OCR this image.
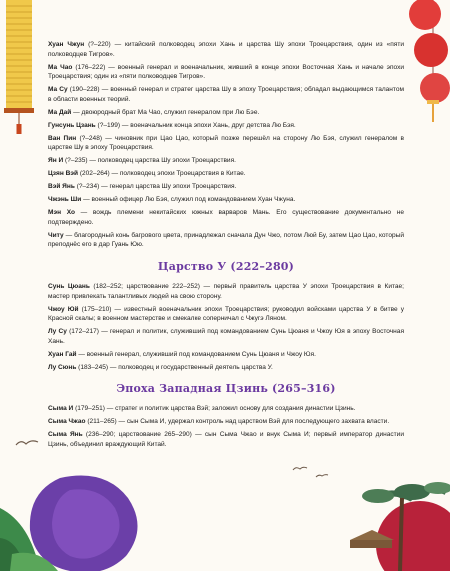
Хуан Чжун (?–220) — китайский полководец эпохи Хань и царства Шу эпохи Троецарствия, один из «пяти полководцев Тигров».

Ма Чао (176–222) — военный генерал и военачальник, живший в конце эпохи Восточная Хань и начале эпохи Троецарствия; один из «пяти полководцев Тигров».

Ма Су (190–228) — военный генерал и стратег царства Шу в эпоху Троецарствия; обладал выдающимся талантом в области военных теорий.

Ма Дай — двоюродный брат Ма Чао, служил генералом при Лю Бэе.

Гунсунь Цзань (?–199) — военачальник конца эпохи Хань, друг детства Лю Бэя.

Ван Пин (?–248) — чиновник при Цао Цао, который позже перешёл на сторону Лю Бэя, служил генералом в царстве Шу в эпоху Троецарствия.

Ян И (?–235) — полководец царства Шу эпохи Троецарствия.

Цзян Вэй (202–264) — полководец эпохи Троецарствия в Китае.

Вэй Янь (?–234) — генерал царства Шу эпохи Троецарствия.

Чжэнь Ши — военный офицер Лю Бэя, служил под командованием Хуан Чжуна.

Мэн Хо — вождь племени некитайских южных варваров Мань. Его существование документально не подтверждено.

Читу — благородный конь багрового цвета, принадлежал сначала Дун Чжо, потом Люй Бу, затем Цао Цао, который преподнёс его в дар Гуань Юю.

Царство У (222–280)

Сунь Цюань (182–252; царствование 222–252) — первый правитель царства У эпохи Троецарствия в Китае; мастер привлекать талантливых людей на свою сторону.

Чжоу Юй (175–210) — известный военачальник эпохи Троецарствия; руководил войсками царства У в битве у Красной скалы; в военном мастерстве и смекалке соперничал с Чжугэ Ляном.

Лу Су (172–217) — генерал и политик, служивший под командованием Сунь Цюаня и Чжоу Юя в эпоху Восточная Хань.

Хуан Гай — военный генерал, служивший под командованием Сунь Цюаня и Чжоу Юя.

Лу Сюнь (183–245) — полководец и государственный деятель царства У.

Эпоха Западная Цзинь (265–316)

Сыма И (179–251) — стратег и политик царства Вэй; заложил основу для создания династии Цзинь.

Сыма Чжао (211–265) — сын Сыма И, удержал контроль над царством Вэй для последующего захвата власти.

Сыма Янь (236–290; царствование 265–290) — сын Сыма Чжао и внук Сыма И; первый император династии Цзинь, объединил враждующий Китай.
